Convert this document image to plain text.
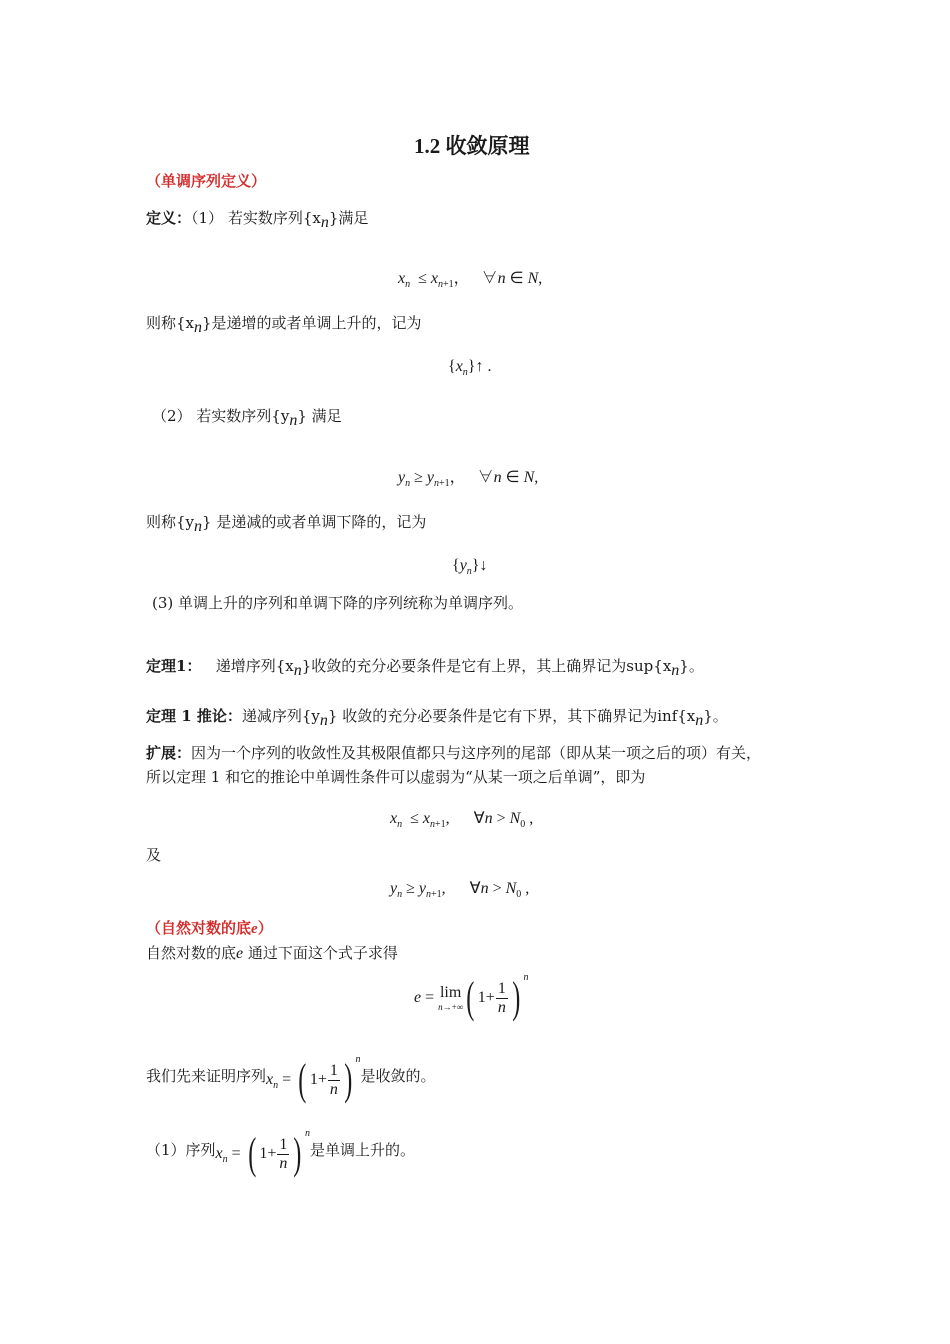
1.2 收敛原理
（单调序列定义）
定义：（1） 若实数序列$\{x_n\}$满足
$x_n \le x_{n+1}$，   ∀n ∈ N,
则称$\{x_n\}$是递增的或者单调上升的，记为
$\{x_n\}↑$ .
（2） 若实数序列$\{y_n\}$ 满足
$y_n \ge y_{n+1}$，   ∀n ∈ N,
则称$\{y_n\}$ 是递减的或者单调下降的，记为
$\{y_n\}↓$
(3) 单调上升的序列和单调下降的序列统称为单调序列。
定理1： 递增序列$\{x_n\}$收敛的充分必要条件是它有上界，其上确界记为$sup\{x_n\}$。
定理 1 推论：递减序列$\{y_n\}$ 收敛的充分必要条件是它有下界，其下确界记为$inf\{x_n\}$。
扩展：因为一个序列的收敛性及其极限值都只与这序列的尾部（即从某一项之后的项）有关，
所以定理 1 和它的推论中单调性条件可以虚弱为“从某一项之后单调”，即为
$x_n \le x_{n+1}$,      ∀n > $N_0$ ,
及
$y_n \ge y_{n+1}$,      ∀n > $N_0$ ,
（自然对数的底e）
自然对数的底e 通过下面这个式子求得
e = lim
n→+∞ ( $1+ \frac{1}{n}$ ) $^n$
我们先来证明序列$x_n$ = ( $1+ \frac{1}{n}$ ) $^n$是收敛的。
（1）序列$x_n$ = ( $1+ \frac{1}{n}$ ) $^n$是单调上升的。
